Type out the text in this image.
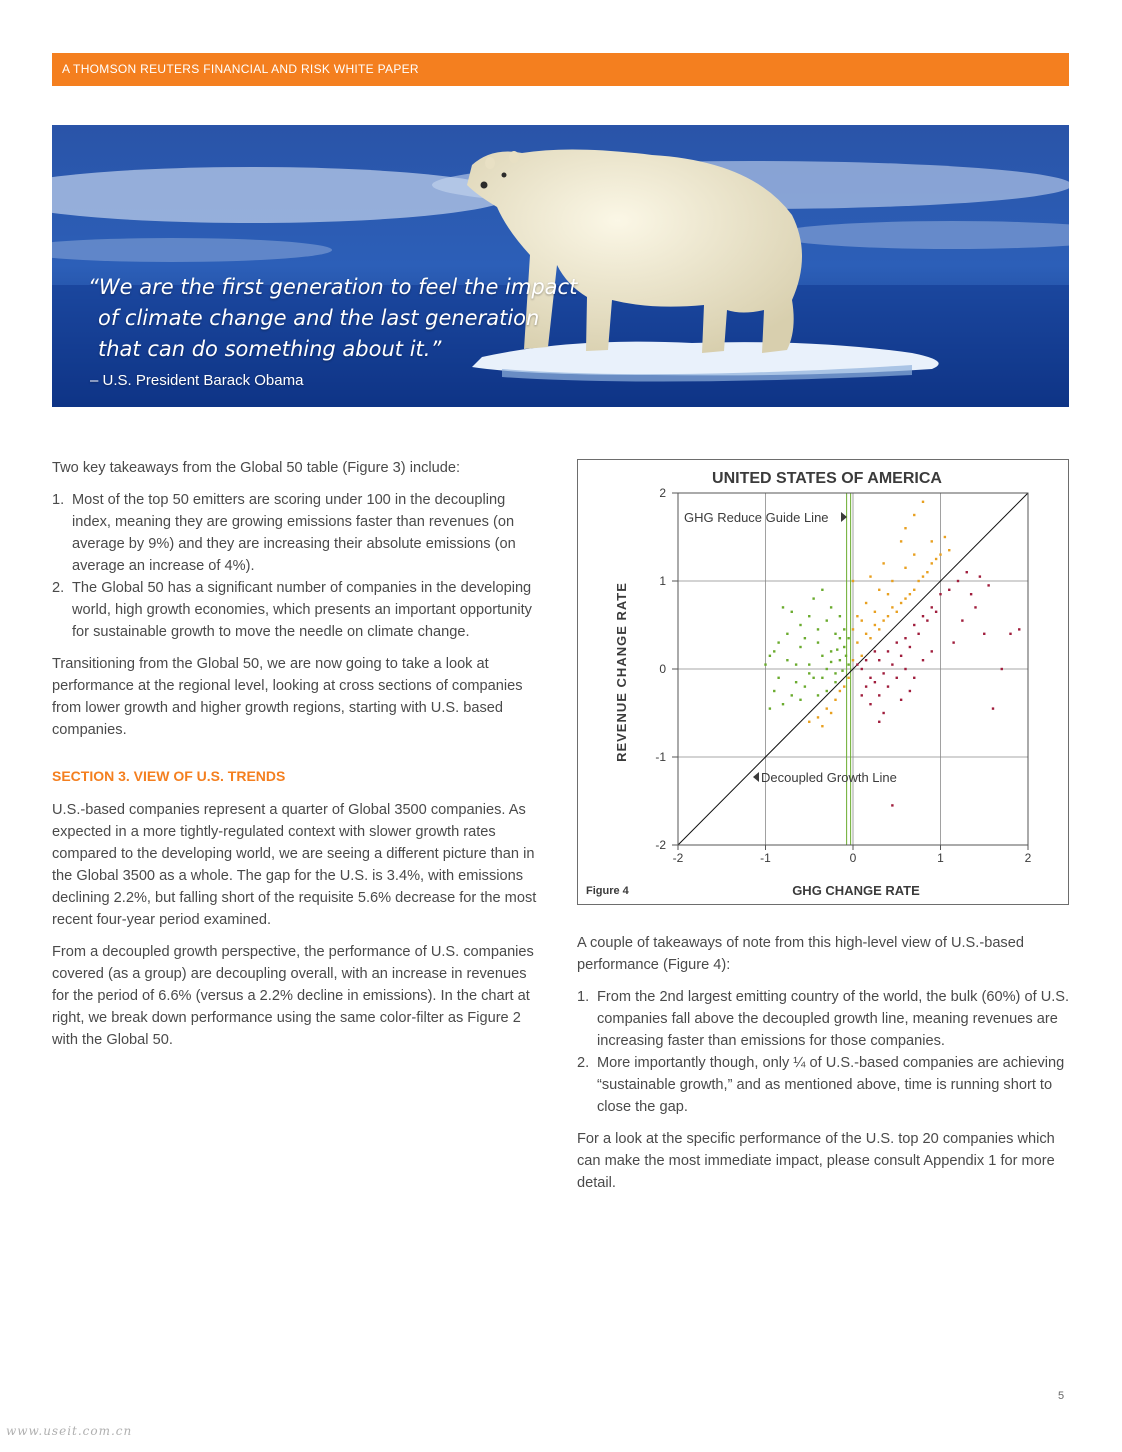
A THOMSON REUTERS FINANCIAL AND RISK WHITE PAPER
“We are the first generation to feel the impact
of climate change and the last generation
that can do something about it.”
– U.S. President Barack Obama

Two key takeaways from the Global 50 table (Figure 3) include:

1. Most of the top 50 emitters are scoring under 100 in the decoupling index, meaning they are growing emissions faster than revenues (on average by 9%) and they are increasing their absolute emissions (on average an increase of 4%).
2. The Global 50 has a significant number of companies in the developing world, high growth economies, which presents an important opportunity for sustainable growth to move the needle on climate change.

Transitioning from the Global 50, we are now going to take a look at performance at the regional level, looking at cross sections of companies from lower growth and higher growth regions, starting with U.S. based companies.

SECTION 3. VIEW OF U.S. TRENDS

U.S.-based companies represent a quarter of Global 3500 companies. As expected in a more tightly-regulated context with slower growth rates compared to the developing world, we are seeing a different picture than in the Global 3500 as a whole. The gap for the U.S. is 3.4%, with emissions declining 2.2%, but falling short of the requisite 5.6% decrease for the most recent four-year period examined.

From a decoupled growth perspective, the performance of U.S. companies covered (as a group) are decoupling overall, with an increase in revenues for the period of 6.6% (versus a 2.2% decline in emissions). In the chart at right, we break down performance using the same color-filter as Figure 2 with the Global 50.

UNITED STATES OF AMERICA
-2	-1	0	1	2
2
1
0
-1
-2
GHG Reduce Guide Line
Decoupled Growth Line
GHG CHANGE RATE
REVENUE CHANGE RATE
Figure 4

A couple of takeaways of note from this high-level view of U.S.-based performance (Figure 4):

1. From the 2nd largest emitting country of the world, the bulk (60%) of U.S. companies fall above the decoupled growth line, meaning revenues are increasing faster than emissions for those companies.
2. More importantly though, only ¼ of U.S.-based companies are achieving “sustainable growth,” and as mentioned above, time is running short to close the gap.

For a look at the specific performance of the U.S. top 20 companies which can make the most immediate impact, please consult Appendix 1 for more detail.

5
www.useit.com.cn
